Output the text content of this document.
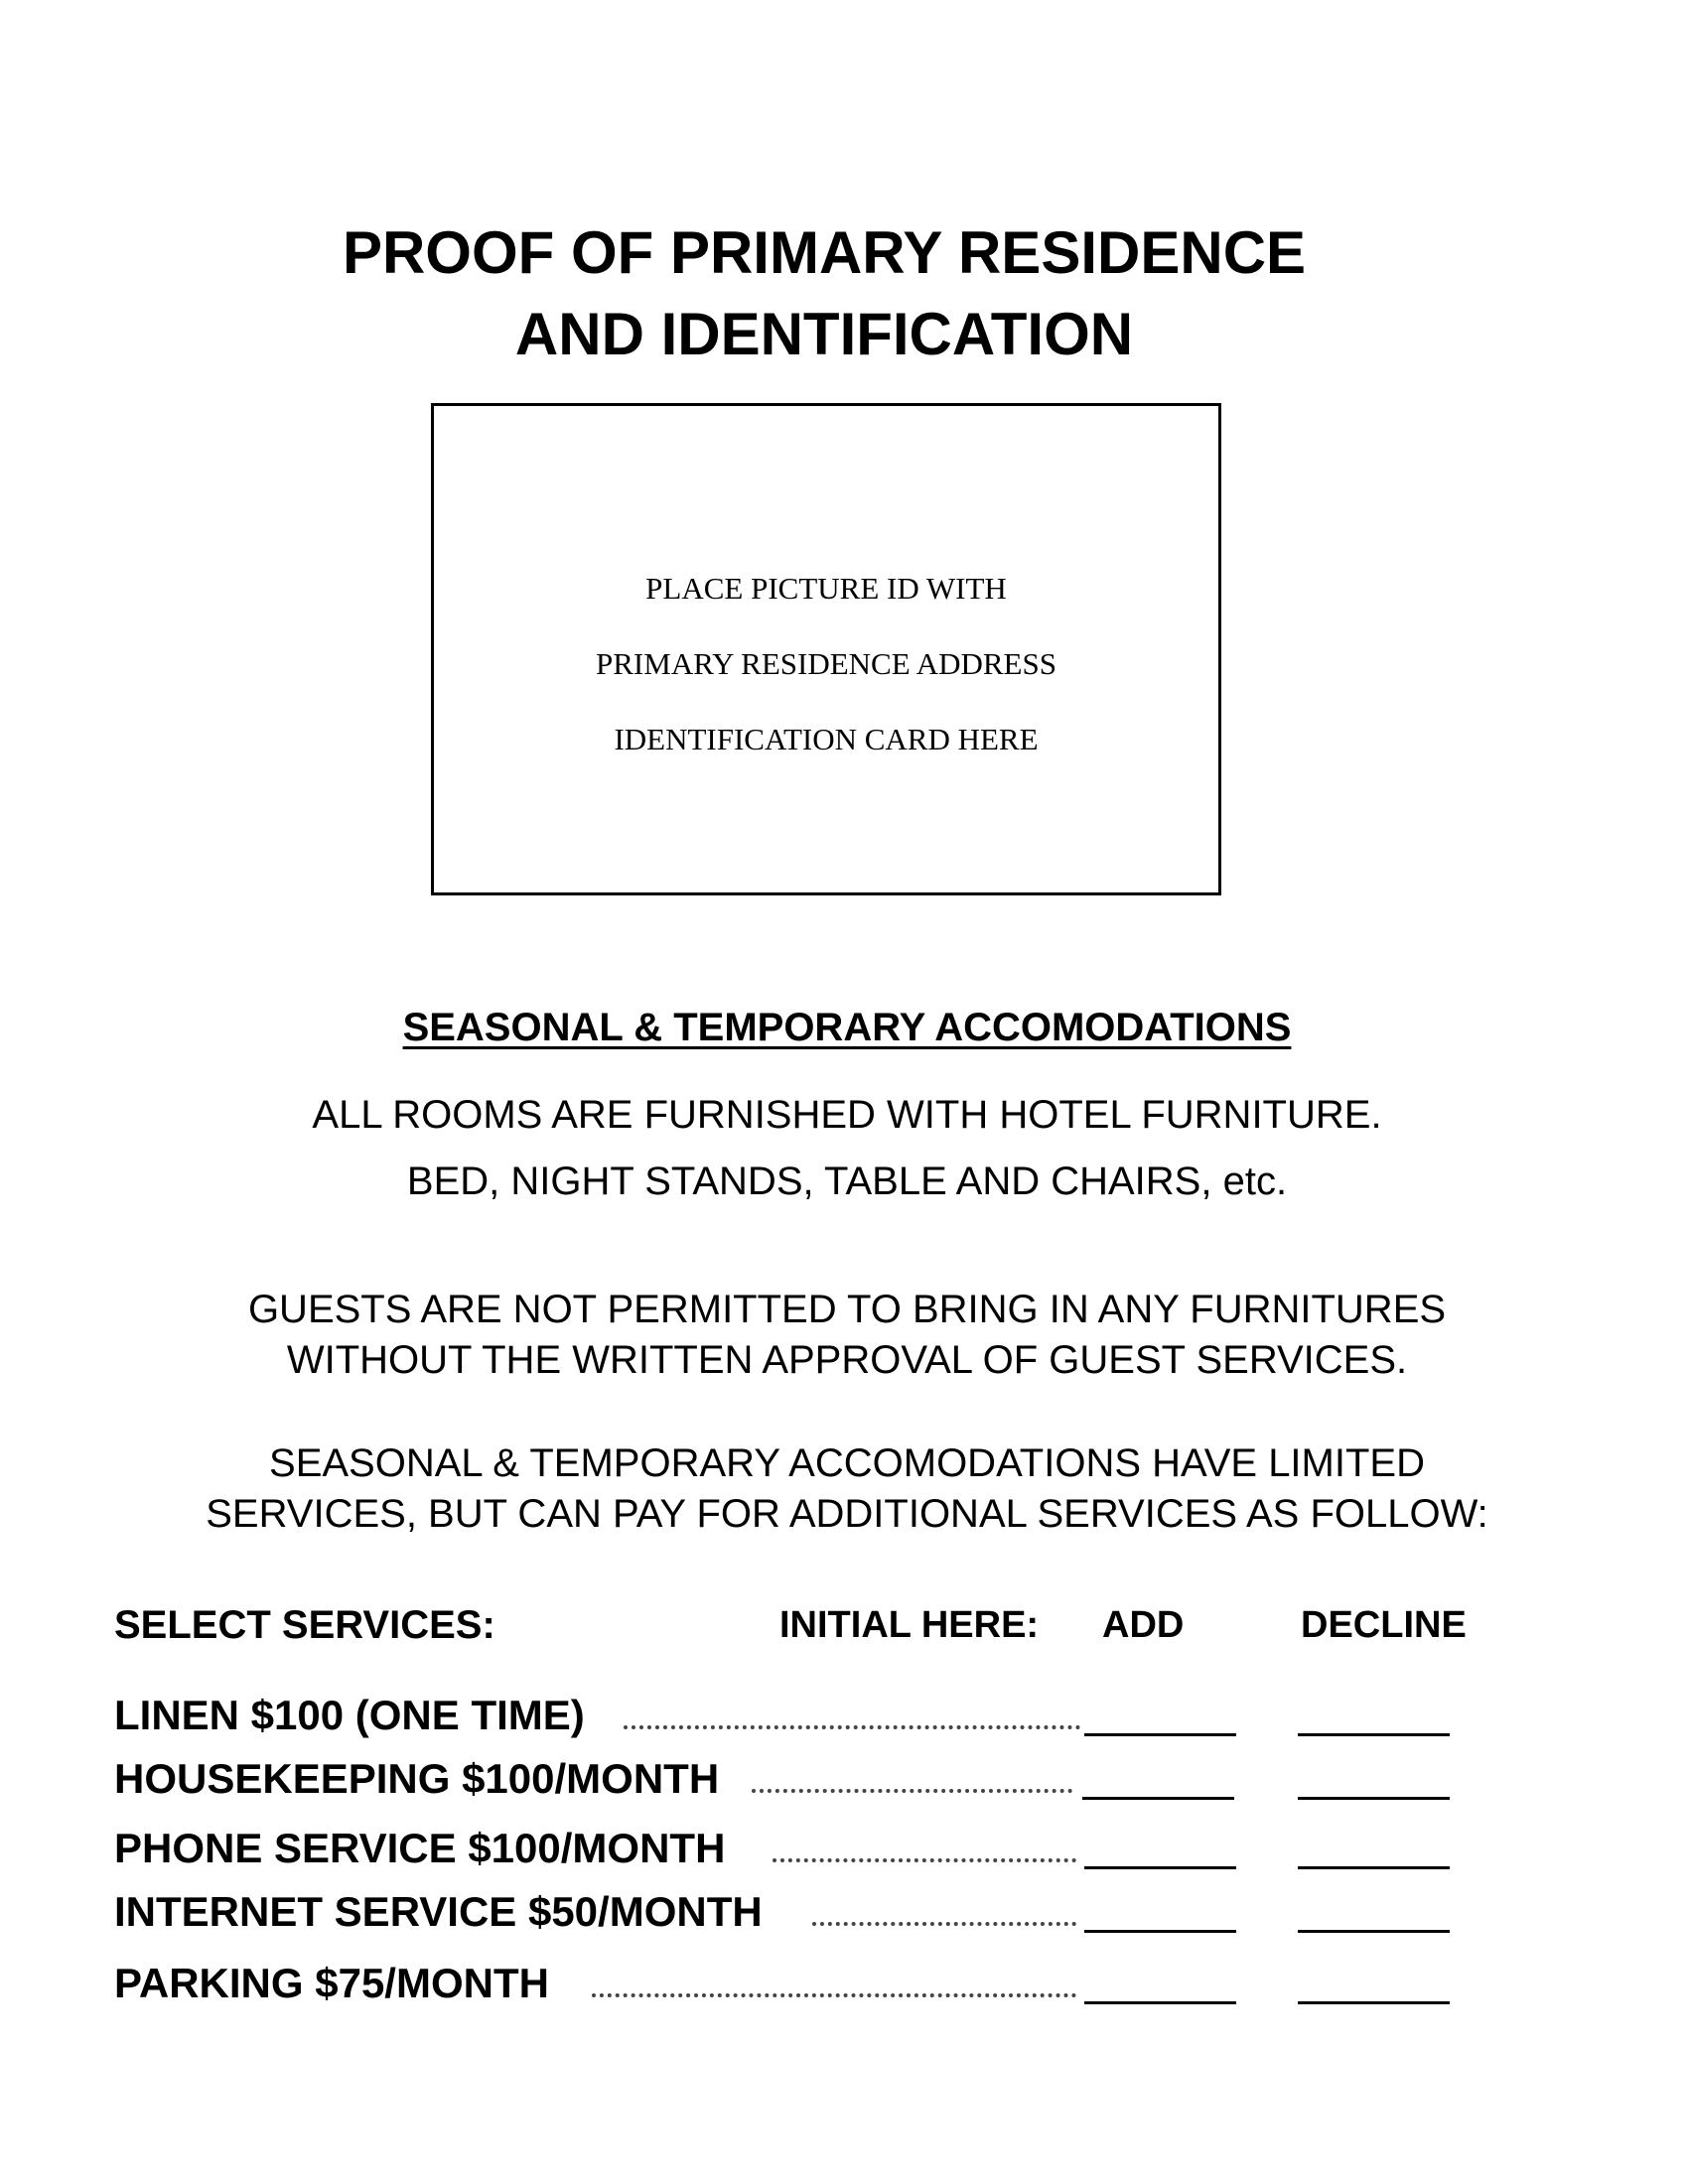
PROOF OF PRIMARY RESIDENCE
AND IDENTIFICATION
PLACE PICTURE ID WITH
PRIMARY RESIDENCE ADDRESS
IDENTIFICATION CARD HERE
SEASONAL & TEMPORARY ACCOMODATIONS
ALL ROOMS ARE FURNISHED WITH HOTEL FURNITURE.
BED, NIGHT STANDS, TABLE AND CHAIRS, etc.
GUESTS ARE NOT PERMITTED TO BRING IN ANY FURNITURES
WITHOUT THE WRITTEN APPROVAL OF GUEST SERVICES.
SEASONAL & TEMPORARY ACCOMODATIONS HAVE LIMITED
SERVICES, BUT CAN PAY FOR ADDITIONAL SERVICES AS FOLLOW:
SELECT SERVICES:	INITIAL HERE: ADD	DECLINE
LINEN $100 (ONE TIME)
HOUSEKEEPING $100/MONTH
PHONE SERVICE $100/MONTH
INTERNET SERVICE $50/MONTH
PARKING $75/MONTH
